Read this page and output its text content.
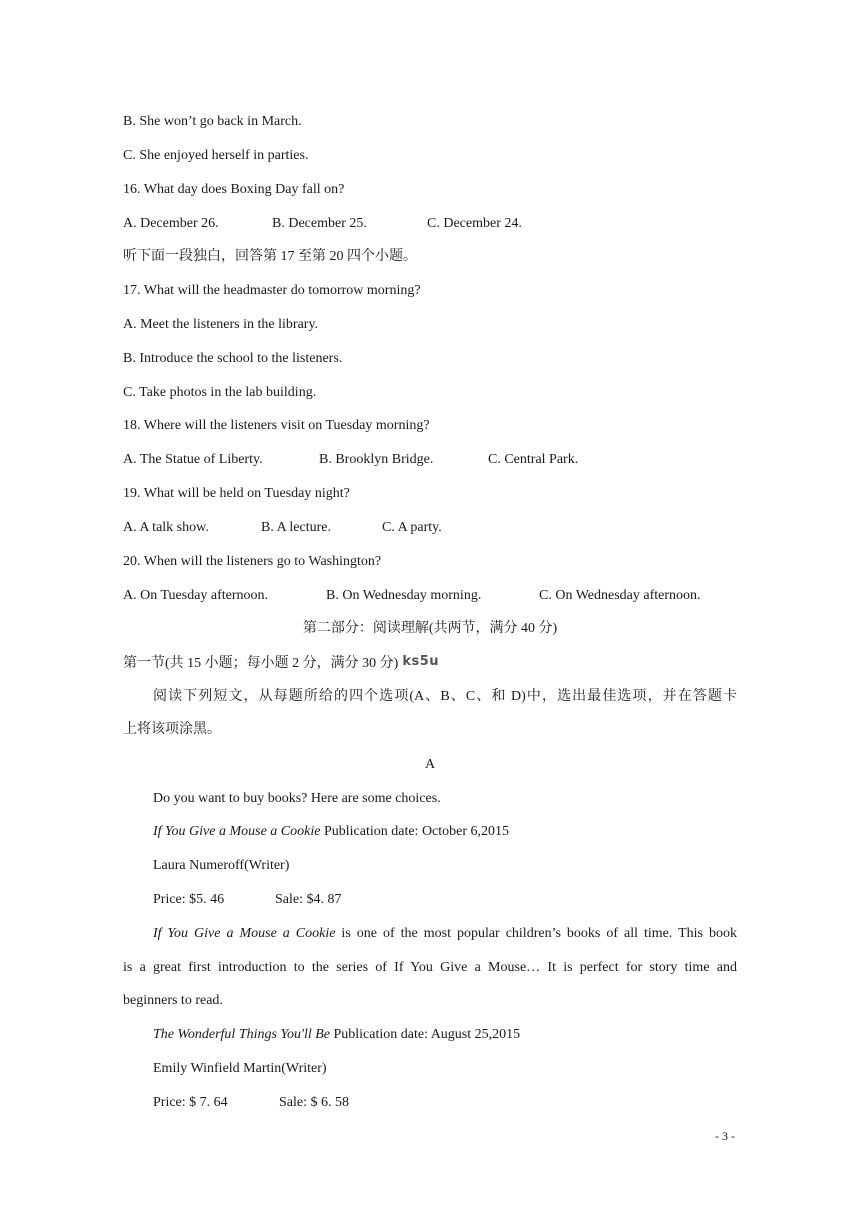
B. She won’t go back in March.
C. She enjoyed herself in parties.
16. What day does Boxing Day fall on?
A. December 26.	B. December 25.	C. December 24.
听下面一段独白，回答第 17 至第 20 四个小题。
17. What will the headmaster do tomorrow morning?
A. Meet the listeners in the library.
B. Introduce the school to the listeners.
C. Take photos in the lab building.
18. Where will the listeners visit on Tuesday morning?
A. The Statue of Liberty.	B. Brooklyn Bridge.	C. Central Park.
19. What will be held on Tuesday night?
A. A talk show.	B. A lecture.	C. A party.
20. When will the listeners go to Washington?
A. On Tuesday afternoon.	B. On Wednesday morning.	C. On Wednesday afternoon.
第二部分：阅读理解(共两节，满分 40 分)
第一节(共 15 小题；每小题 2 分，满分 30 分) ks5u
阅读下列短文，从每题所给的四个选项(A、B、C、和 D)中，选出最佳选项，并在答题卡
上将该项涂黑。
A
Do you want to buy books? Here are some choices.
If You Give a Mouse a Cookie Publication date: October 6,2015
Laura Numeroff(Writer)
Price: $5. 46	Sale: $4. 87
If You Give a Mouse a Cookie is one of the most popular children’s books of all time. This book
is a great first introduction to the series of If You Give a Mouse… It is perfect for story time and
beginners to read.
The Wonderful Things You'll Be Publication date: August 25,2015
Emily Winfield Martin(Writer)
Price: $ 7. 64	Sale: $ 6. 58
- 3 -
